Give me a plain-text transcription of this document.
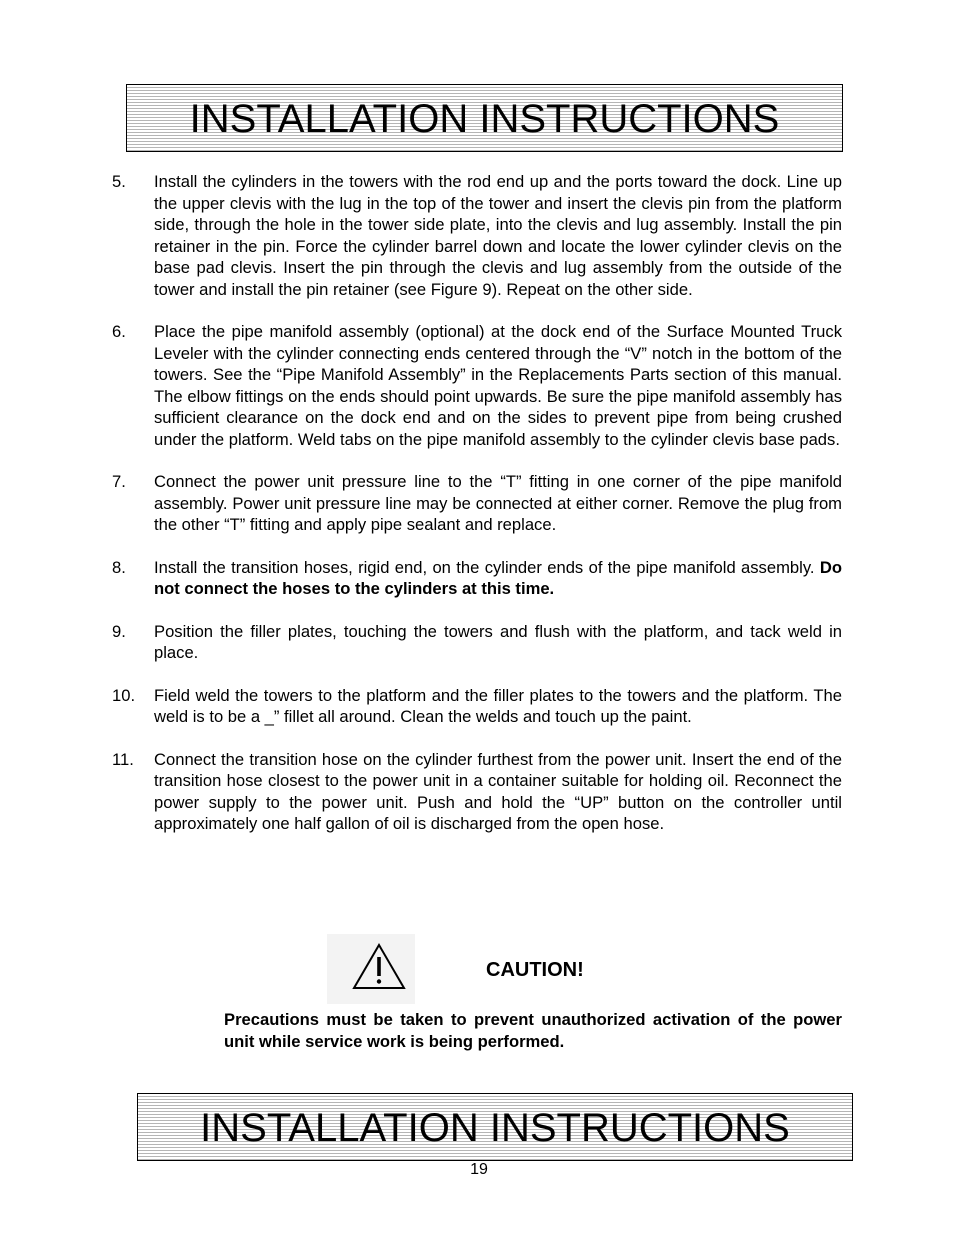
INSTALLATION INSTRUCTIONS
5.	Install the cylinders in the towers with the rod end up and the ports toward the dock. Line up the upper clevis with the lug in the top of the tower and insert the clevis pin from the platform side, through the hole in the tower side plate, into the clevis and lug assembly. Install the pin retainer in the pin. Force the cylinder barrel down and locate the lower cylinder clevis on the base pad clevis. Insert the pin through the clevis and lug assembly from the outside of the tower and install the pin retainer (see Figure 9). Repeat on the other side.
6.	Place the pipe manifold assembly (optional) at the dock end of the Surface Mounted Truck Leveler with the cylinder connecting ends centered through the “V” notch in the bottom of the towers. See the “Pipe Manifold Assembly” in the Replacements Parts section of this manual. The elbow fittings on the ends should point upwards. Be sure the pipe manifold assembly has sufficient clearance on the dock end and on the sides to prevent pipe from being crushed under the platform. Weld tabs on the pipe manifold assembly to the cylinder clevis base pads.
7.	Connect the power unit pressure line to the “T” fitting in one corner of the pipe manifold assembly. Power unit pressure line may be connected at either corner. Remove the plug from the other “T” fitting and apply pipe sealant and replace.
8.	Install the transition hoses, rigid end, on the cylinder ends of the pipe manifold assembly. Do not connect the hoses to the cylinders at this time.
9.	Position the filler plates, touching the towers and flush with the platform, and tack weld in place.
10.	Field weld the towers to the platform and the filler plates to the towers and the platform. The weld is to be a _” fillet all around. Clean the welds and touch up the paint.
11.	Connect the transition hose on the cylinder furthest from the power unit. Insert the end of the transition hose closest to the power unit in a container suitable for holding oil. Reconnect the power supply to the power unit. Push and hold the “UP” button on the controller until approximately one half gallon of oil is discharged from the open hose.
CAUTION!
Precautions must be taken to prevent unauthorized activation of the power unit while service work is being performed.
INSTALLATION INSTRUCTIONS
19
